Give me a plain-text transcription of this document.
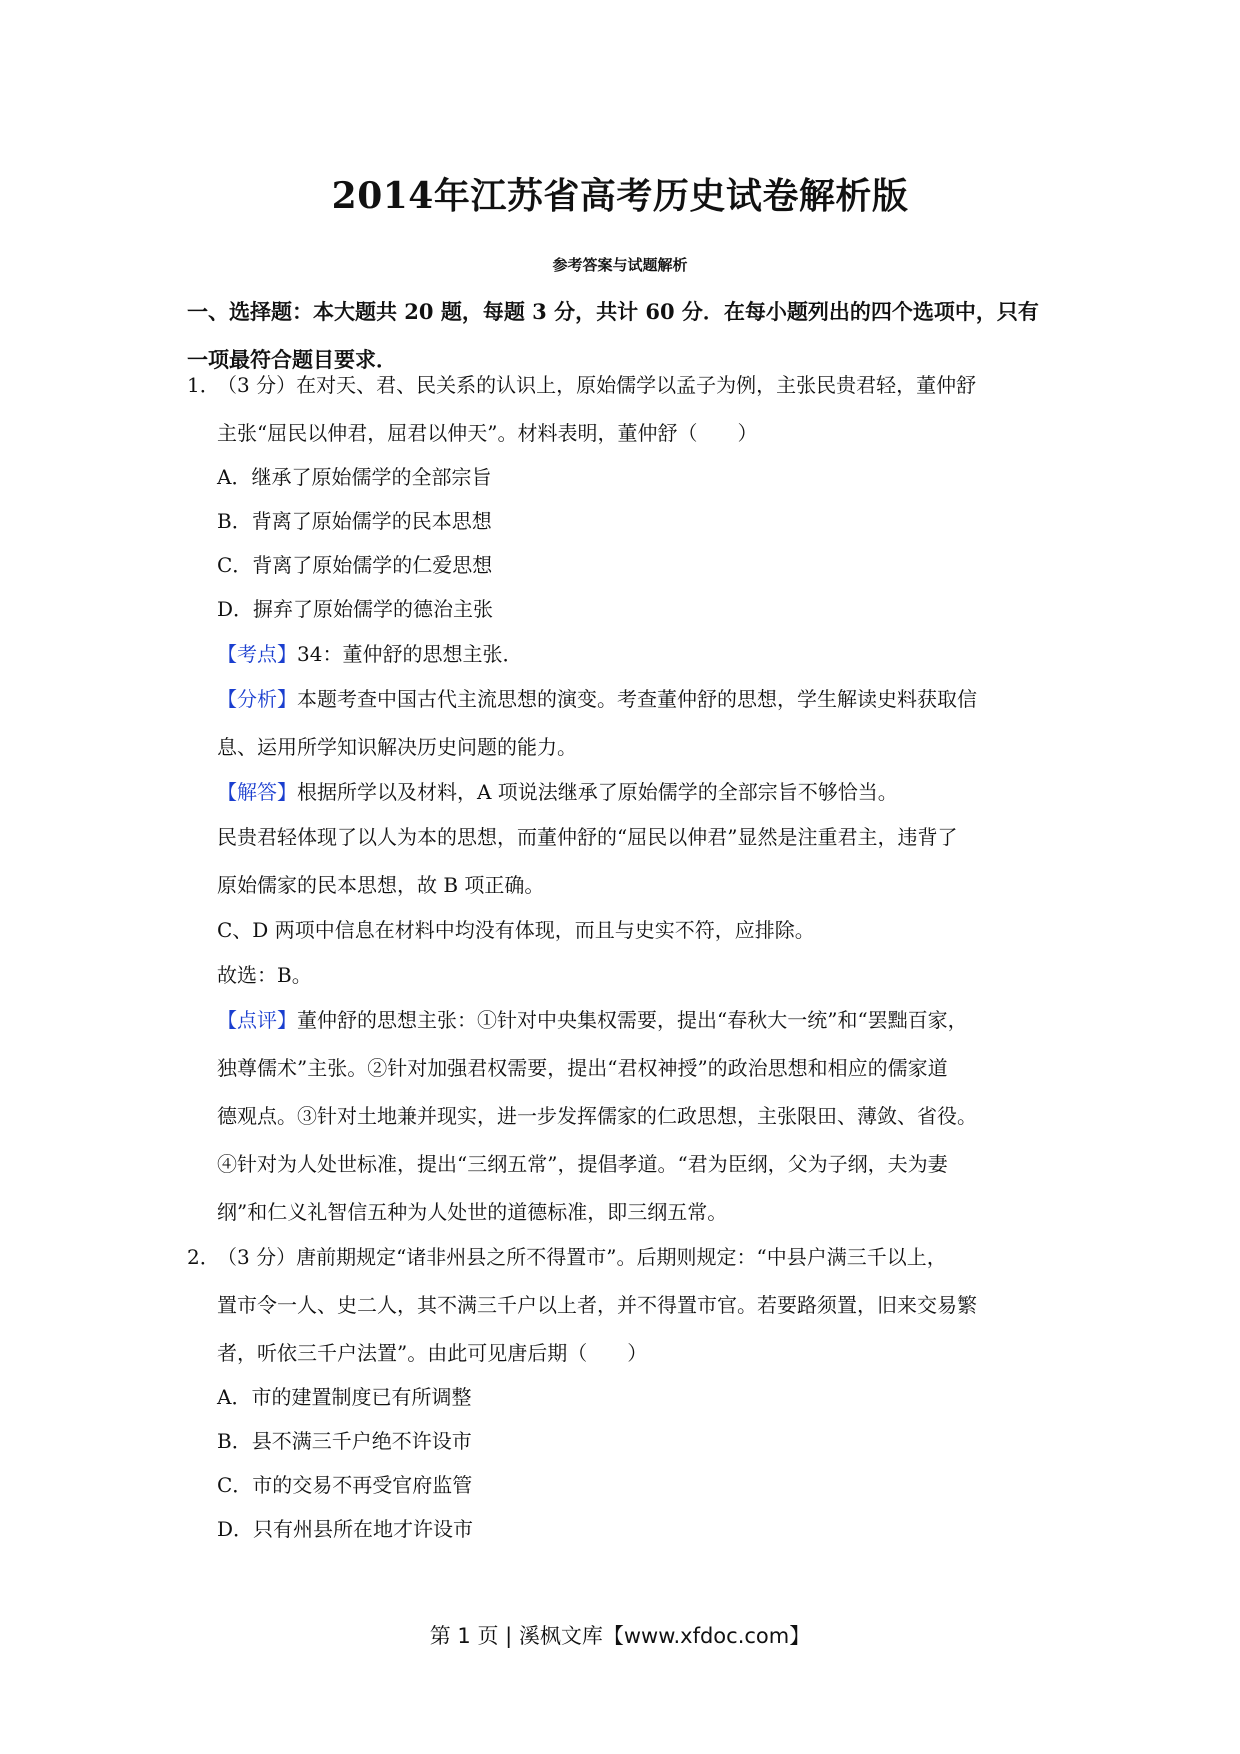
2014年江苏省高考历史试卷解析版
参考答案与试题解析
一、选择题：本大题共 20 题，每题 3 分，共计 60 分．在每小题列出的四个选项中，只有
一项最符合题目要求．
1．（3 分）在对天、君、民关系的认识上，原始儒学以孟子为例，主张民贵君轻，董仲舒
主张“屈民以伸君，屈君以伸天”。材料表明，董仲舒（　　）
A．继承了原始儒学的全部宗旨
B．背离了原始儒学的民本思想
C．背离了原始儒学的仁爱思想
D．摒弃了原始儒学的德治主张
【考点】34：董仲舒的思想主张．
【分析】本题考查中国古代主流思想的演变。考查董仲舒的思想，学生解读史料获取信
息、运用所学知识解决历史问题的能力。
【解答】根据所学以及材料，A 项说法继承了原始儒学的全部宗旨不够恰当。
民贵君轻体现了以人为本的思想，而董仲舒的“屈民以伸君”显然是注重君主，违背了
原始儒家的民本思想，故 B 项正确。
C、D 两项中信息在材料中均没有体现，而且与史实不符，应排除。
故选：B。
【点评】董仲舒的思想主张：①针对中央集权需要，提出“春秋大一统”和“罢黜百家，
独尊儒术”主张。②针对加强君权需要，提出“君权神授”的政治思想和相应的儒家道
德观点。③针对土地兼并现实，进一步发挥儒家的仁政思想，主张限田、薄敛、省役。
④针对为人处世标准，提出“三纲五常”，提倡孝道。“君为臣纲，父为子纲，夫为妻
纲”和仁义礼智信五种为人处世的道德标准，即三纲五常。
2．（3 分）唐前期规定“诸非州县之所不得置市”。后期则规定：“中县户满三千以上，
置市令一人、史二人，其不满三千户以上者，并不得置市官。若要路须置，旧来交易繁
者，听依三千户法置”。由此可见唐后期（　　）
A．市的建置制度已有所调整
B．县不满三千户绝不许设市
C．市的交易不再受官府监管
D．只有州县所在地才许设市
第 1 页 | 溪枫文库【www.xfdoc.com】
